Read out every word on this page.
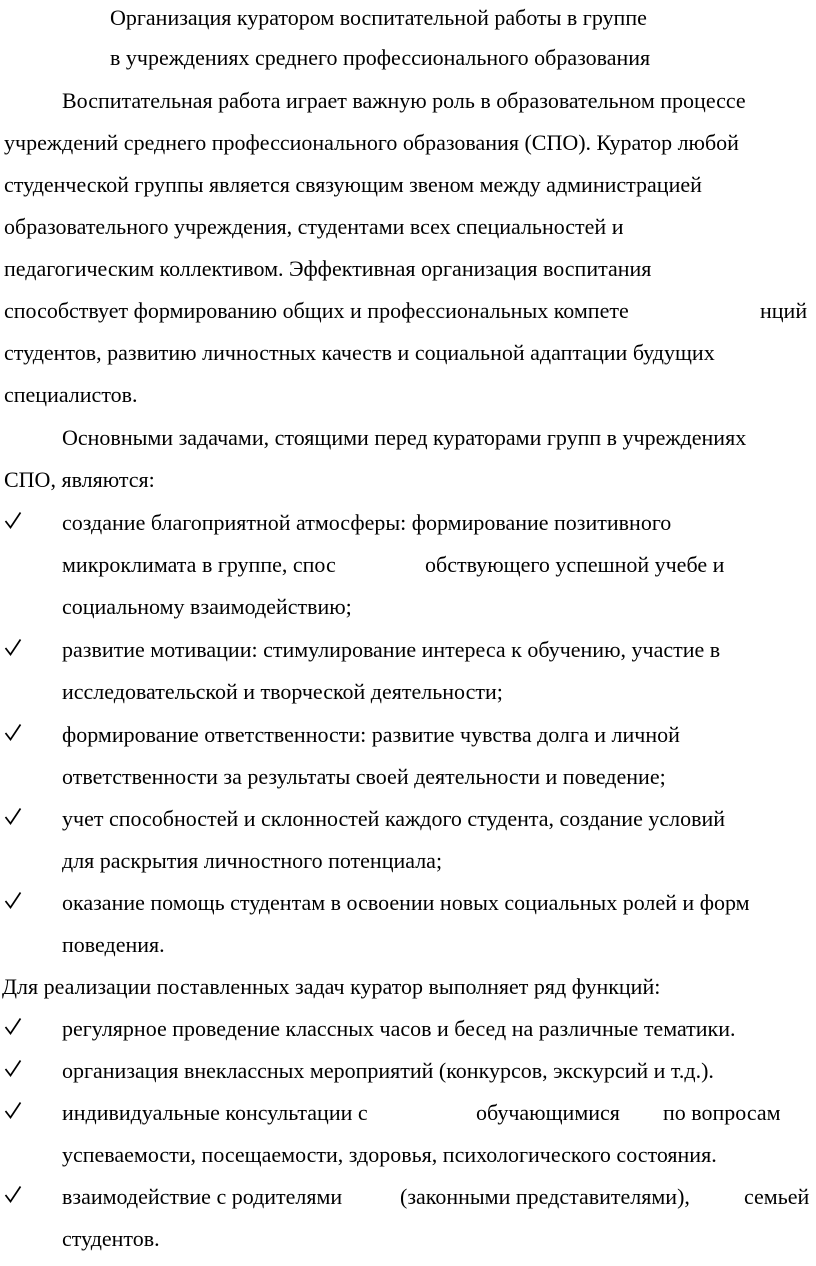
Организация куратором воспитательной работы в группе
в учреждениях среднего профессионального образования
Воспитательная работа играет важную роль в образовательном процессе
учреждений среднего профессионального образования (СПО). Куратор любой
студенческой группы является связующим звеном между администрацией
образовательного учреждения, студентами всех специальностей и
педагогическим коллективом. Эффективная организация воспитания
способствует формированию общих и профессиональных компете	нций
студентов, развитию личностных качеств и социальной адаптации будущих
специалистов.
Основными задачами, стоящими перед кураторами групп в учреждениях
СПО, являются:
создание благоприятной атмосферы: формирование позитивного
микроклимата в группе, спос	обствующего успешной учебе и
социальному взаимодействию;
развитие мотивации: стимулирование интереса к обучению, участие в
исследовательской и творческой деятельности;
формирование ответственности: развитие чувства долга и личной
ответственности за результаты своей деятельности и поведение;
учет способностей и склонностей каждого студента, создание условий
для раскрытия личностного потенциала;
оказание помощь студентам в освоении новых социальных ролей и форм
поведения.
Для реализации поставленных задач куратор выполняет ряд функций:
регулярное проведение классных часов и бесед на различные тематики.
организация внеклассных мероприятий (конкурсов, экскурсий и т.д.).
индивидуальные консультации с	обучающимися по вопросам
успеваемости, посещаемости, здоровья, психологического состояния.
взаимодействие с родителями	(законными представителями), семьей
студентов.
